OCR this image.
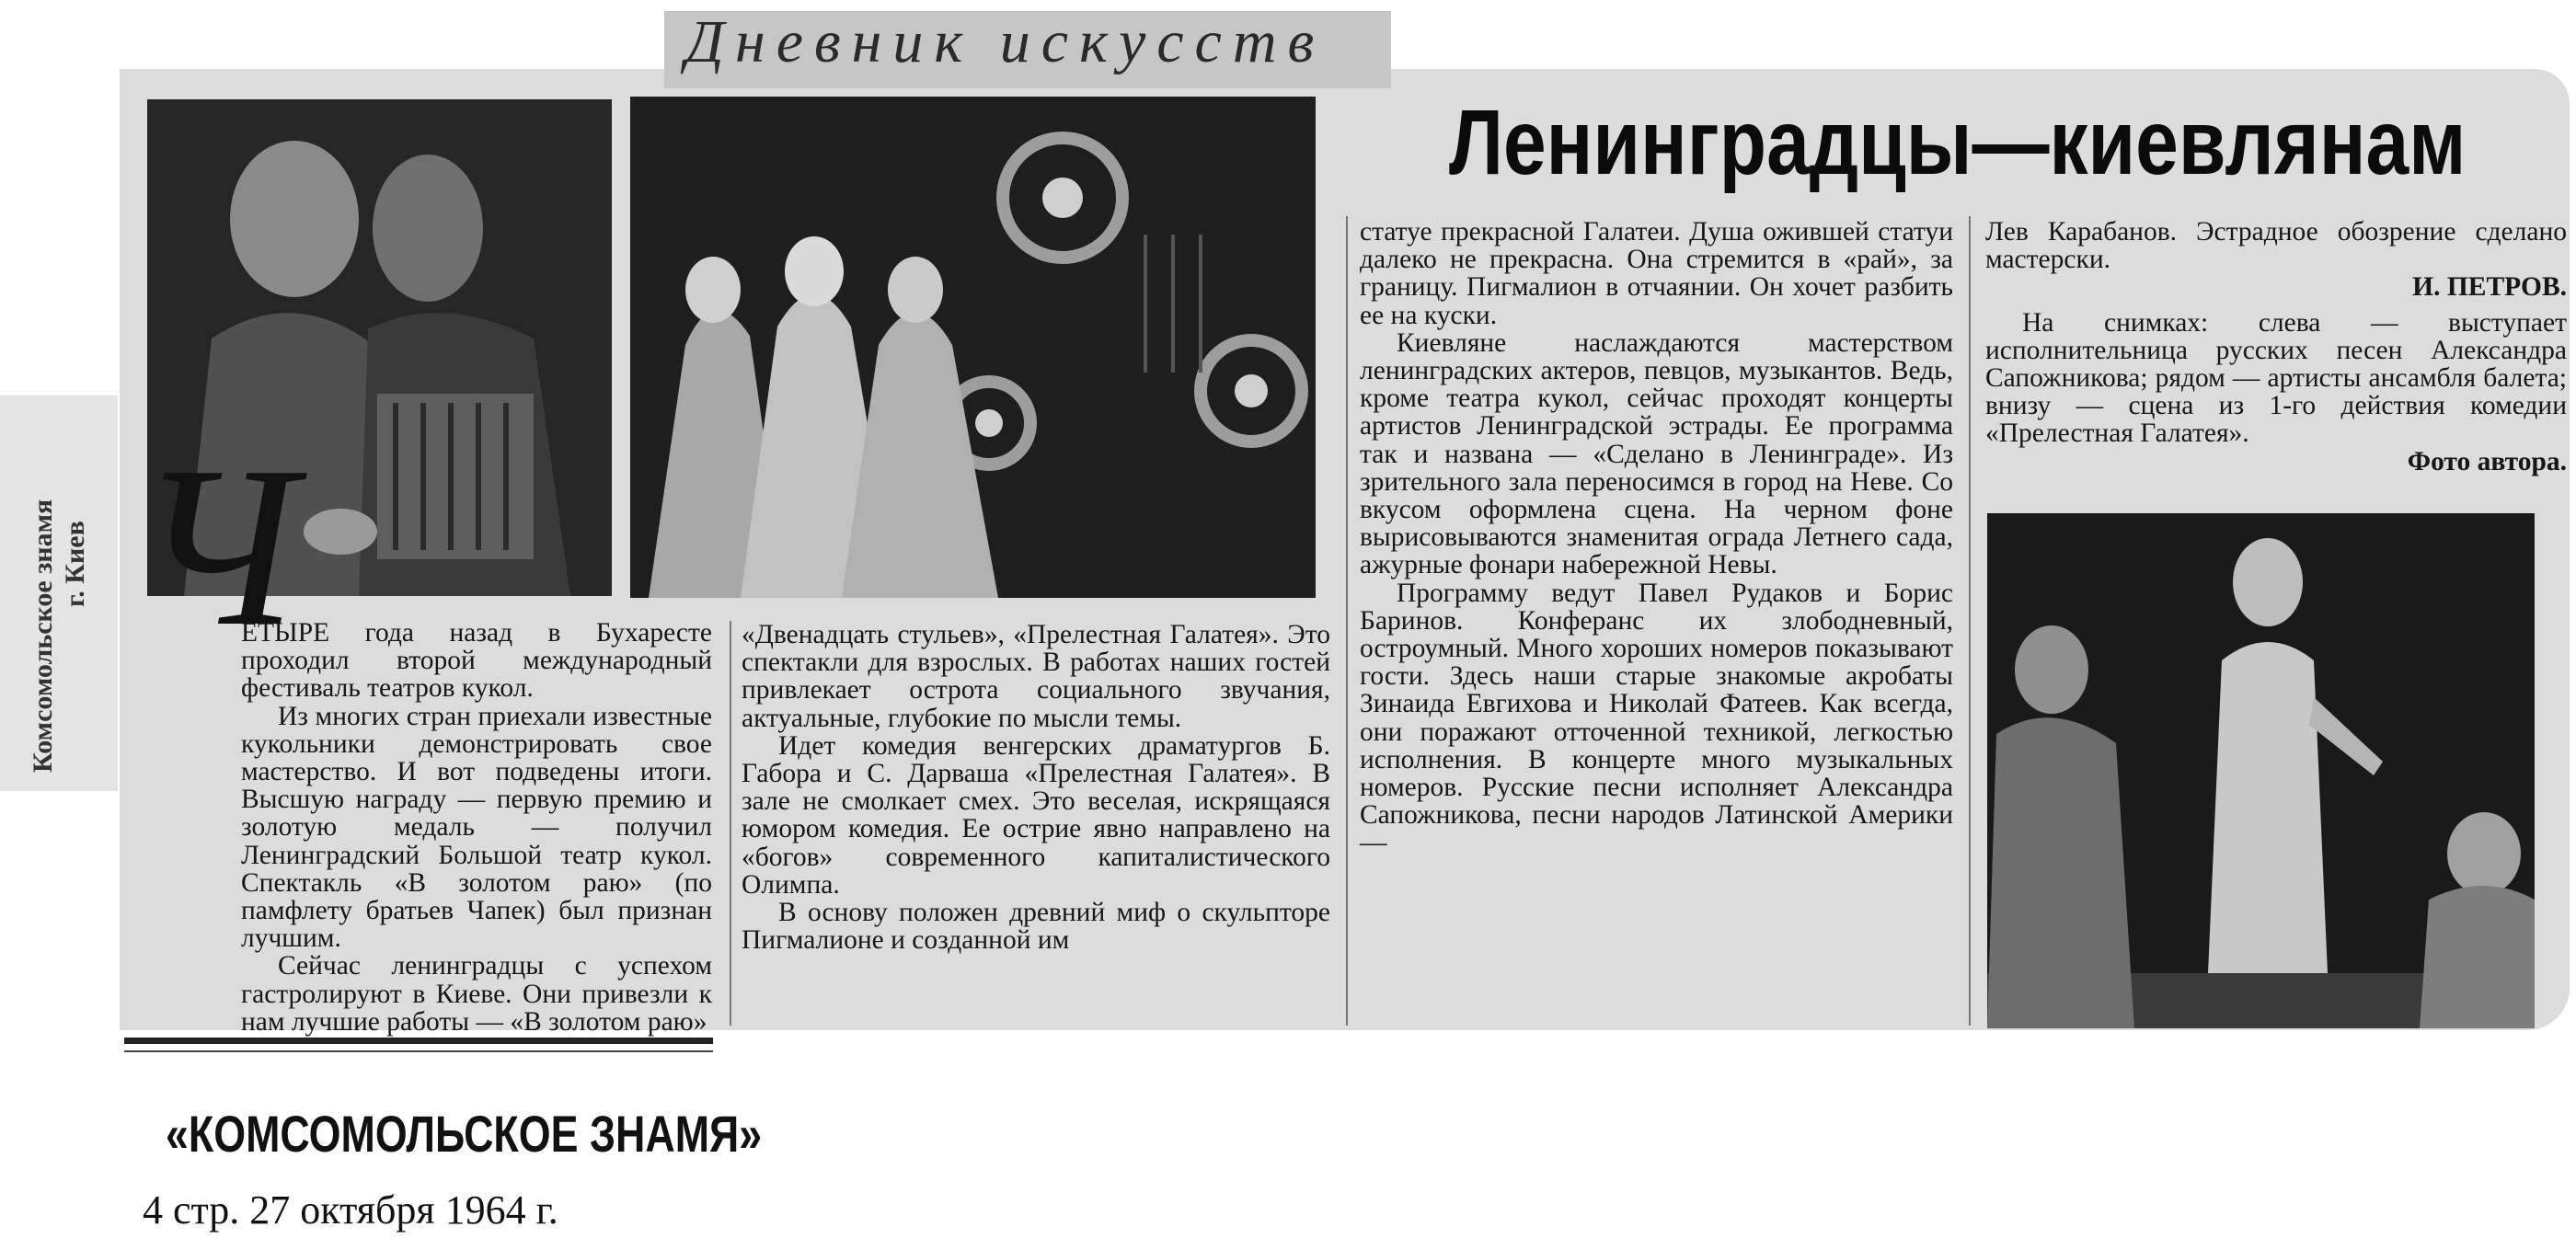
Дневник искусств
Ленинградцы—киевлянам
Комсомольское знамя г. Киев Ч

ЕТЫРЕ года назад в Бухаресте проходил второй международный фестиваль театров кукол.

Из многих стран приехали известные кукольники демонстрировать свое мастерство. И вот подведены итоги. Высшую награду — первую премию и золотую медаль — получил Ленинградский Большой театр кукол. Спектакль «В золотом раю» (по памфлету братьев Чапек) был признан лучшим.

Сейчас ленинградцы с успехом гастролируют в Киеве. Они привезли к нам лучшие работы — «В золотом раю»

«Двенадцать стульев», «Прелестная Галатея». Это спектакли для взрослых. В работах наших гостей привлекает острота социального звучания, актуальные, глубокие по мысли темы.

Идет комедия венгерских драматургов Б. Габора и С. Дарвашa «Прелестная Галатея». В зале не смолкает смех. Это веселая, искрящаяся юмором комедия. Ее острие явно направлено на «богов» современного капиталистического Олимпа.

В основу положен древний миф о скульпторе Пигмалионе и созданной им

статуе прекрасной Галатеи. Душа ожившей статуи далеко не прекрасна. Она стремится в «рай», за границу. Пигмалион в отчаянии. Он хочет разбить ее на куски.

Киевляне наслаждаются мастерством ленинградских актеров, певцов, музыкантов. Ведь, кроме театра кукол, сейчас проходят концерты артистов Ленинградской эстрады. Ее программа так и названа — «Сделано в Ленинграде». Из зрительного зала переносимся в город на Неве. Со вкусом оформлена сцена. На черном фоне вырисовываются знаменитая ограда Летнего сада, ажурные фонари набережной Невы.

Программу ведут Павел Рудаков и Борис Баринов. Конферанс их злободневный, остроумный. Много хороших номеров показывают гости. Здесь наши старые знакомые акробаты Зинаида Евгихова и Николай Фатеев. Как всегда, они поражают отточенной техникой, легкостью исполнения. В концерте много музыкальных номеров. Русские песни исполняет Александра Сапожникова, песни народов Латинской Америки —

Лев Карабанов. Эстрадное обозрение сделано мастерски.

И. ПЕТРОВ.

На снимках: слева — выступает исполнительница русских песен Александра Сапожникова; рядом — артисты ансамбля балета; внизу — сцена из 1-го действия комедии «Прелестная Галатея».

Фото автора.

«КОМСОМОЛЬСКОЕ ЗНАМЯ»
4 стр. 27 октября 1964 г.
